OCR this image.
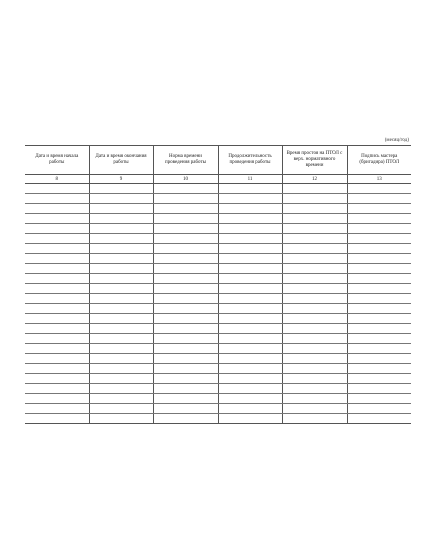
(месяц/год)
Дата и время начала работы	Дата и время окончания работы	Норма времени проведения работы	Продолжительность проведения работы	Время простоя на ПТОЛ с верх. нормативного времени	Подпись мастера (бригадира) ПТОЛ
8	9	10	11	12	13
